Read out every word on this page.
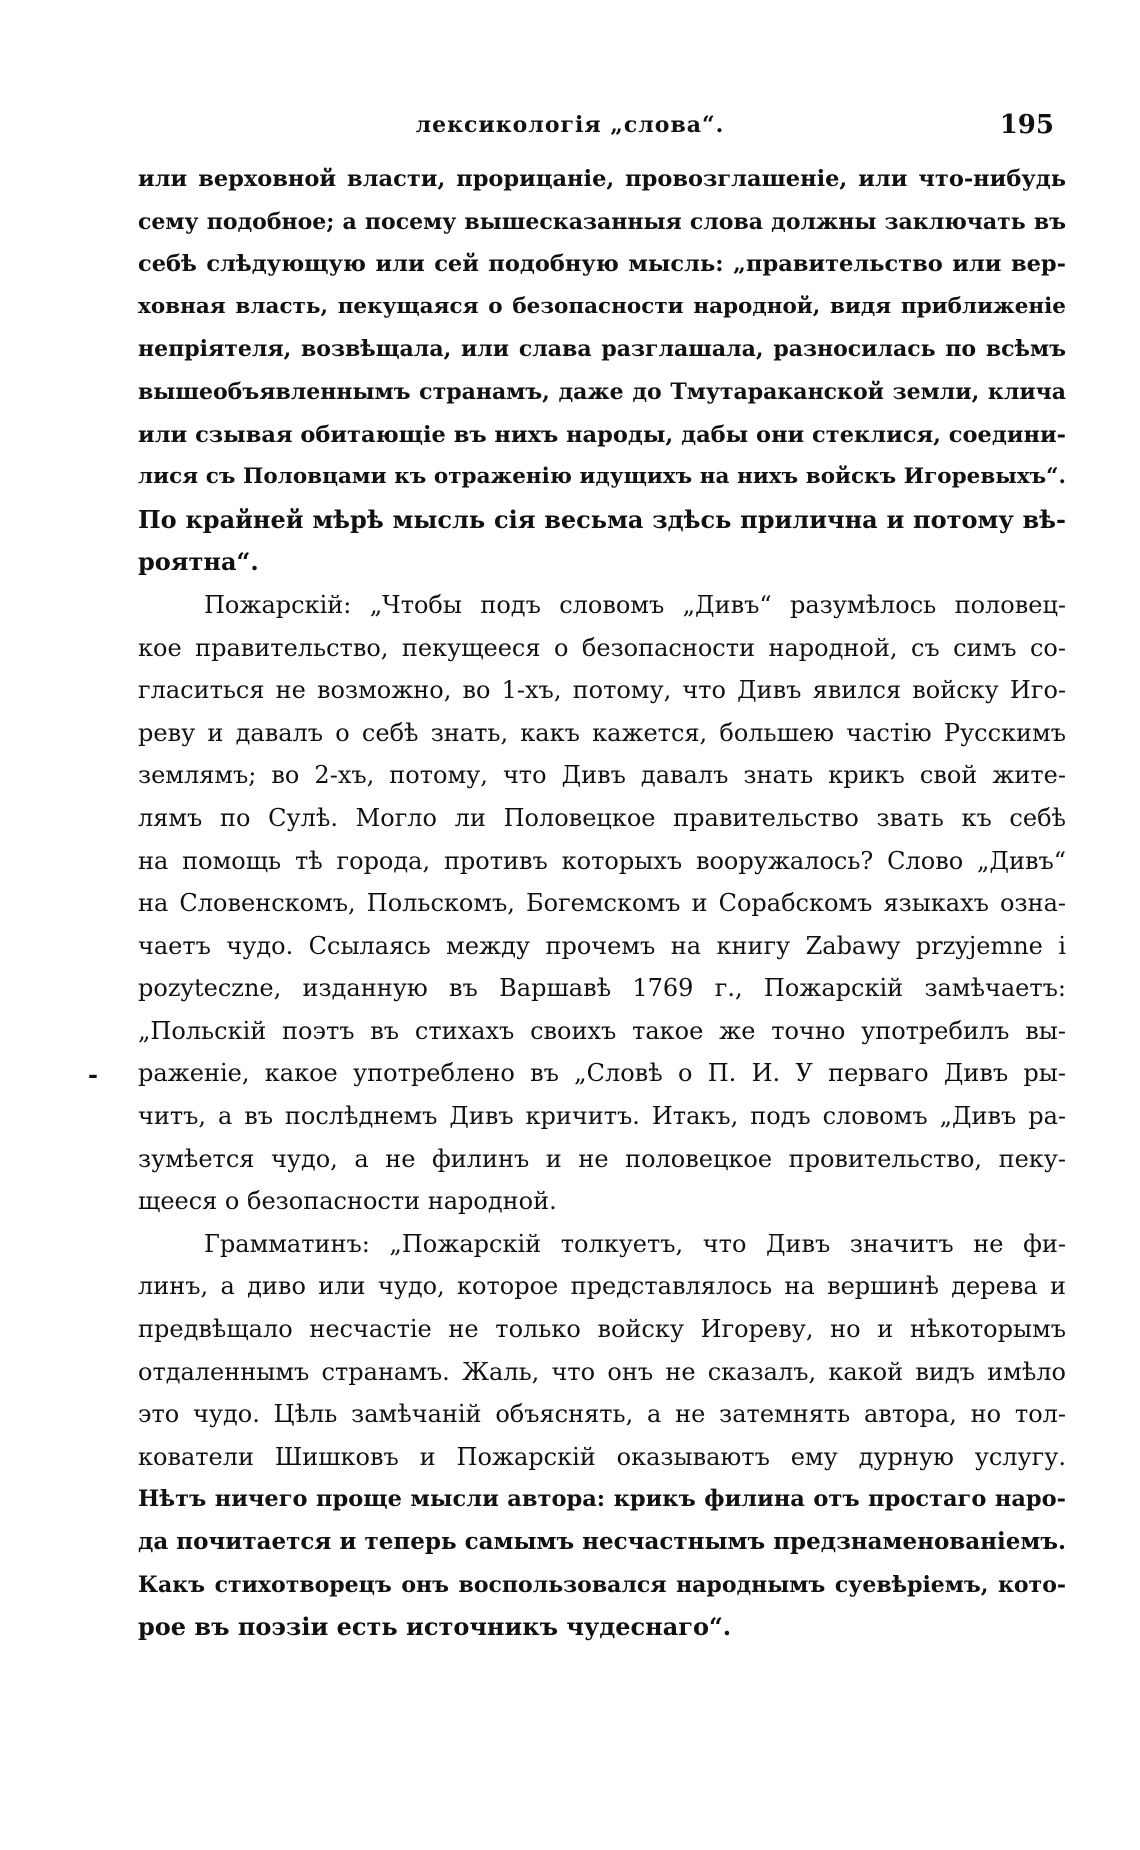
лексикологія „слова“.	195
-
или верховной власти, прорицаніе, провозглашеніе, или что-нибудь
сему подобное; а посему вышесказанныя слова должны заключать въ
себѣ слѣдующую или сей подобную мысль: „правительство или вер-
ховная власть, пекущаяся о безопасности народной, видя приближеніе
непріятеля, возвѣщала, или слава разглашала, разносилась по всѣмъ
вышеобъявленнымъ странамъ, даже до Тмутараканской земли, клича
или сзывая обитающіе въ нихъ народы, дабы они стеклися, соедини-
лися съ Половцами къ отраженію идущихъ на нихъ войскъ Игоревыхъ“.
По крайней мѣрѣ мысль сія весьма здѣсь прилична и потому вѣ-
роятна“.
Пожарскій: „Чтобы подъ словомъ „Дивъ“ разумѣлось половец-
кое правительство, пекущееся о безопасности народной, съ симъ со-
гласиться не возможно, во 1-хъ, потому, что Дивъ явился войску Иго-
реву и давалъ о себѣ знать, какъ кажется, большею частію Русскимъ
землямъ; во 2-хъ, потому, что Дивъ давалъ знать крикъ свой жите-
лямъ по Сулѣ. Могло ли Половецкое правительство звать къ себѣ
на помощь тѣ города, противъ которыхъ вооружалось? Слово „Дивъ“
на Словенскомъ, Польскомъ, Богемскомъ и Сорабскомъ языкахъ озна-
чаетъ чудо. Ссылаясь между прочемъ на книгу Zabawy przyjemne i
pozyteczne, изданную въ Варшавѣ 1769 г., Пожарскій замѣчаетъ:
„Польскій поэтъ въ стихахъ своихъ такое же точно употребилъ вы-
раженіе, какое употреблено въ „Словѣ о П. И. У перваго Дивъ ры-
читъ, а въ послѣднемъ Дивъ кричитъ. Итакъ, подъ словомъ „Дивъ ра-
зумѣется чудо, а не филинъ и не половецкое провительство, пеку-
щееся о безопасности народной.
Грамматинъ: „Пожарскій толкуетъ, что Дивъ значитъ не фи-
линъ, а диво или чудо, которое представлялось на вершинѣ дерева и
предвѣщало несчастіе не только войску Игореву, но и нѣкоторымъ
отдаленнымъ странамъ. Жаль, что онъ не сказалъ, какой видъ имѣло
это чудо. Цѣль замѣчаній объяснять, а не затемнять автора, но тол-
кователи Шишковъ и Пожарскій оказываютъ ему дурную услугу.
Нѣтъ ничего проще мысли автора: крикъ филина отъ простаго наро-
да почитается и теперь самымъ несчастнымъ предзнаменованіемъ.
Какъ стихотворецъ онъ воспользовался народнымъ суевѣріемъ, кото-
рое въ поэзіи есть источникъ чудеснаго“.
